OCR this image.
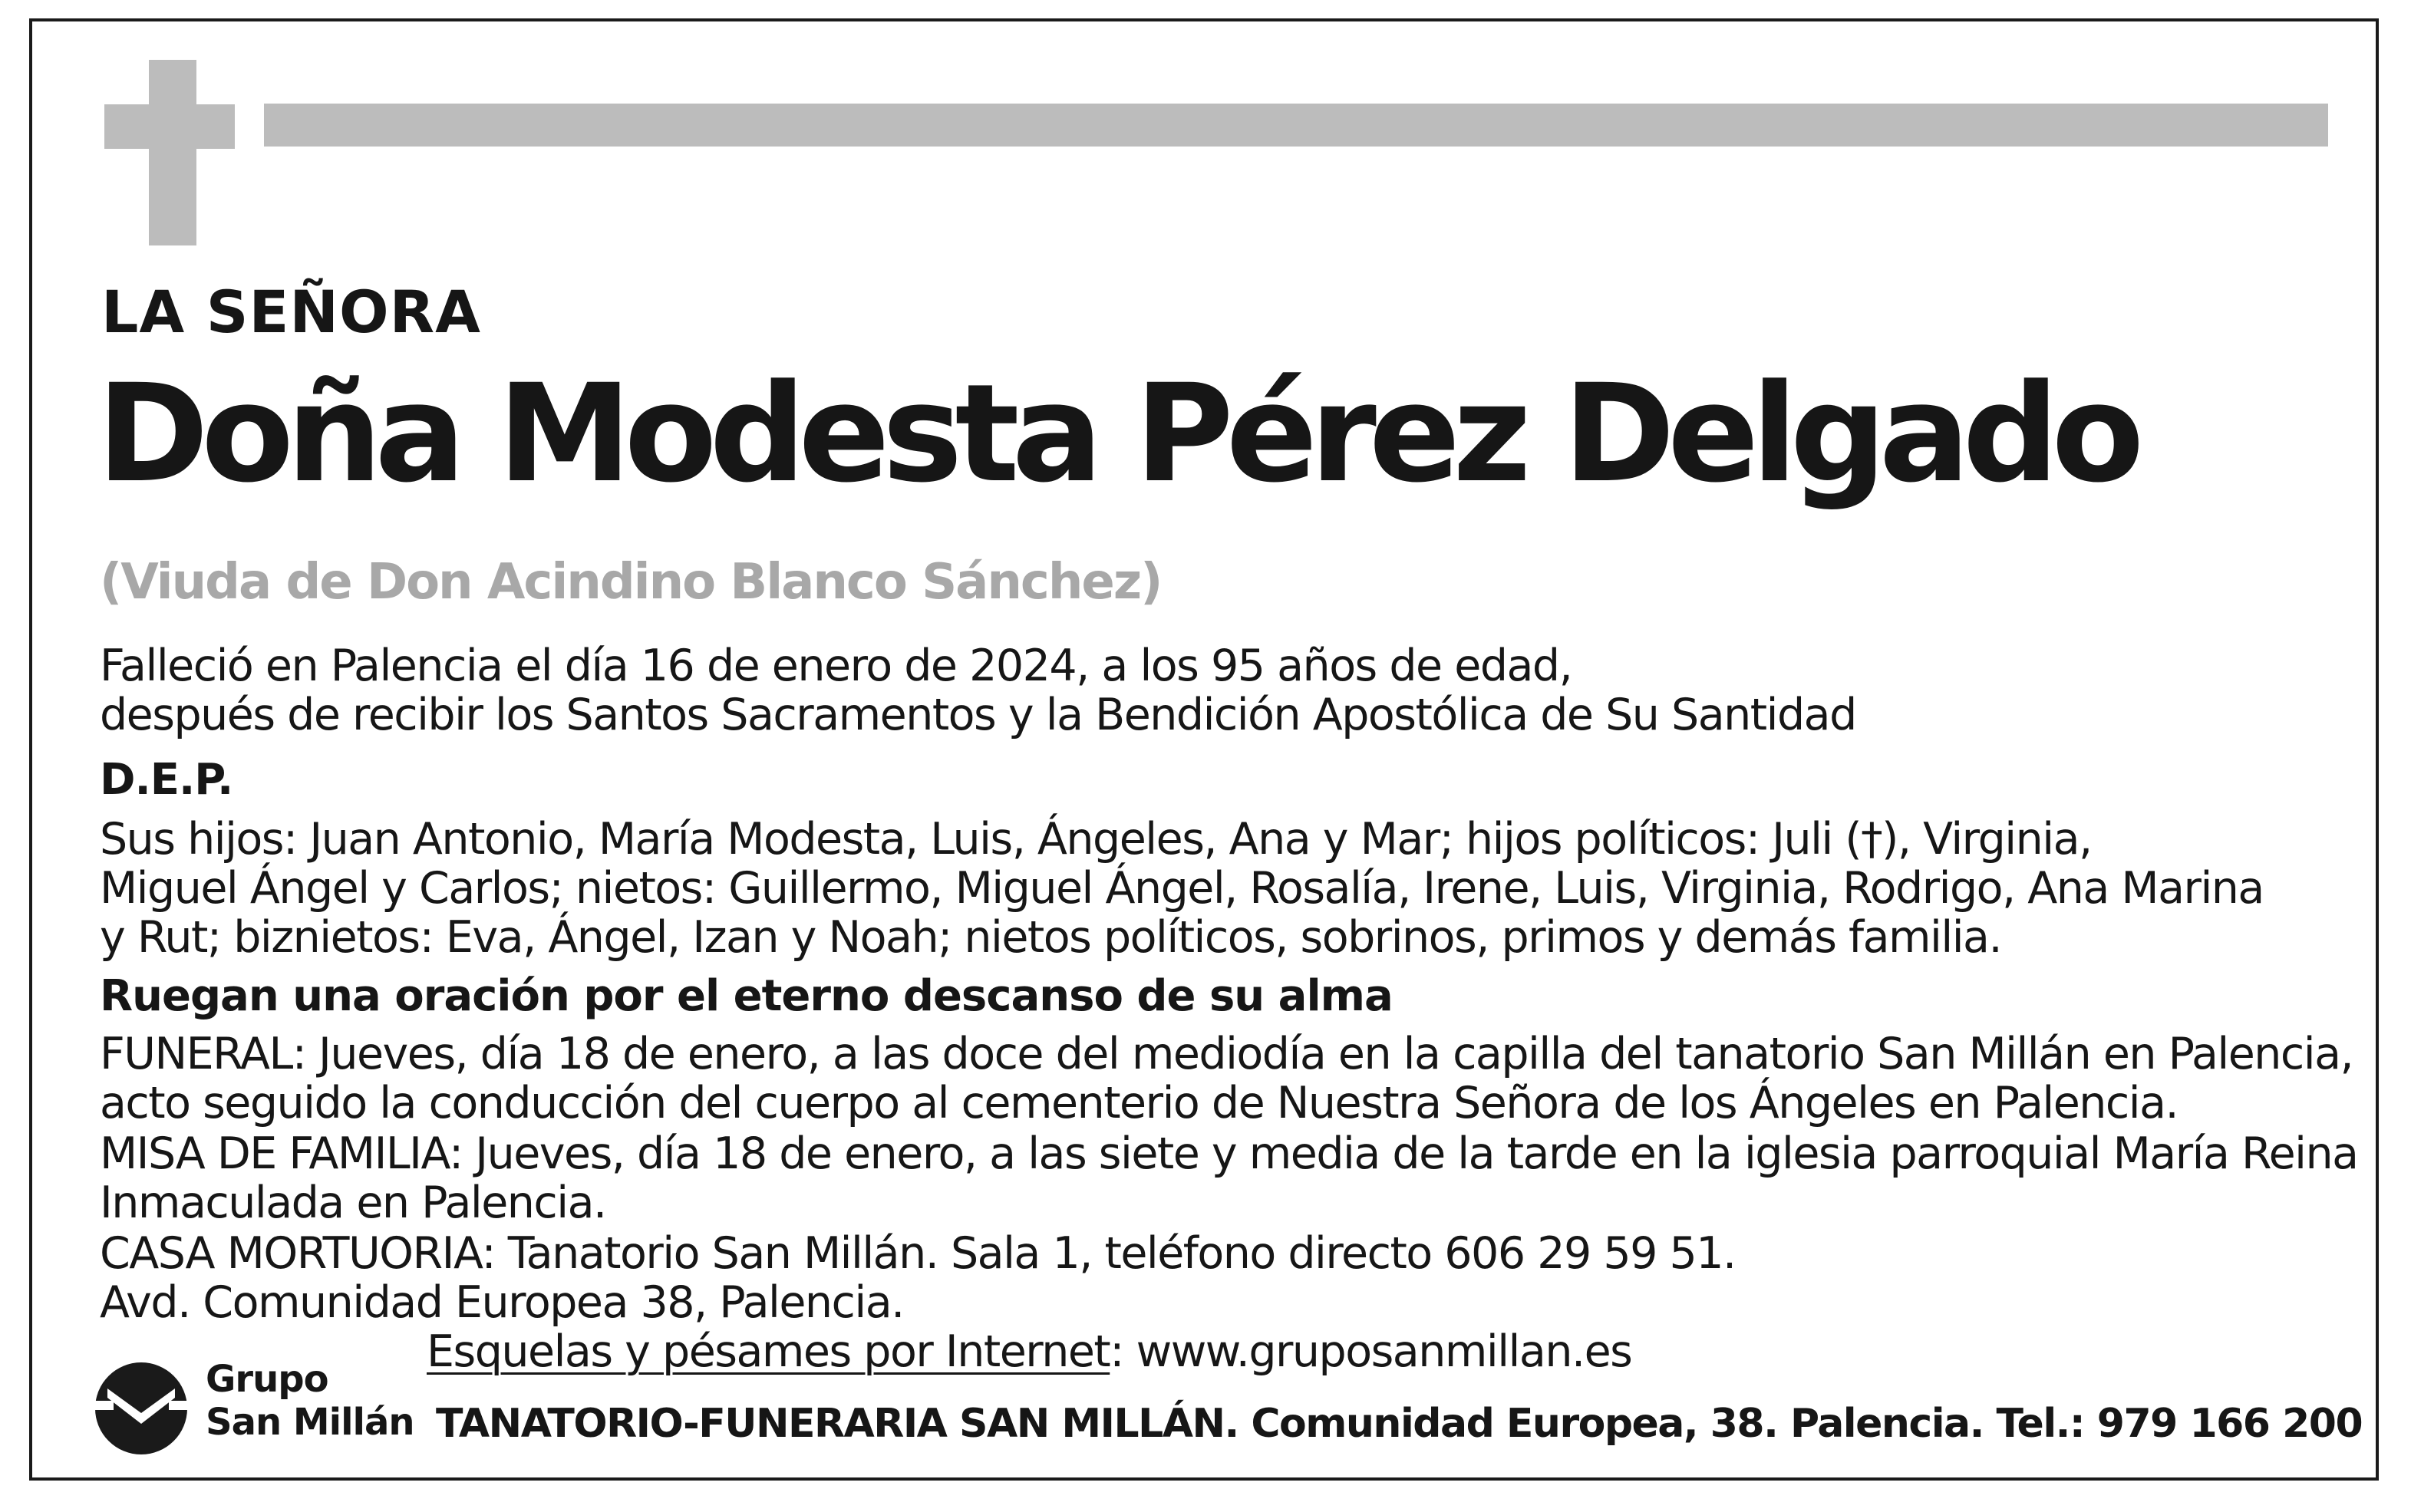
LA SEÑORA
Doña Modesta Pérez Delgado
(Viuda de Don Acindino Blanco Sánchez)
Falleció en Palencia el día 16 de enero de 2024, a los 95 años de edad,
después de recibir los Santos Sacramentos y la Bendición Apostólica de Su Santidad
D.E.P.
Sus hijos: Juan Antonio, María Modesta, Luis, Ángeles, Ana y Mar; hijos políticos: Juli (†), Virginia,
Miguel Ángel y Carlos; nietos: Guillermo, Miguel Ángel, Rosalía, Irene, Luis, Virginia, Rodrigo, Ana Marina
y Rut; biznietos: Eva, Ángel, Izan y Noah; nietos políticos, sobrinos, primos y demás familia.
Ruegan una oración por el eterno descanso de su alma
FUNERAL: Jueves, día 18 de enero, a las doce del mediodía en la capilla del tanatorio San Millán en Palencia,
acto seguido la conducción del cuerpo al cementerio de Nuestra Señora de los Ángeles en Palencia.
MISA DE FAMILIA: Jueves, día 18 de enero, a las siete y media de la tarde en la iglesia parroquial María Reina
Inmaculada en Palencia.
CASA MORTUORIA: Tanatorio San Millán. Sala 1, teléfono directo 606 29 59 51.
Avd. Comunidad Europea 38, Palencia.
Esquelas y pésames por Internet: www.gruposanmillan.es
Grupo
San Millán TANATORIO-FUNERARIA SAN MILLÁN. Comunidad Europea, 38. Palencia. Tel.: 979 166 200
